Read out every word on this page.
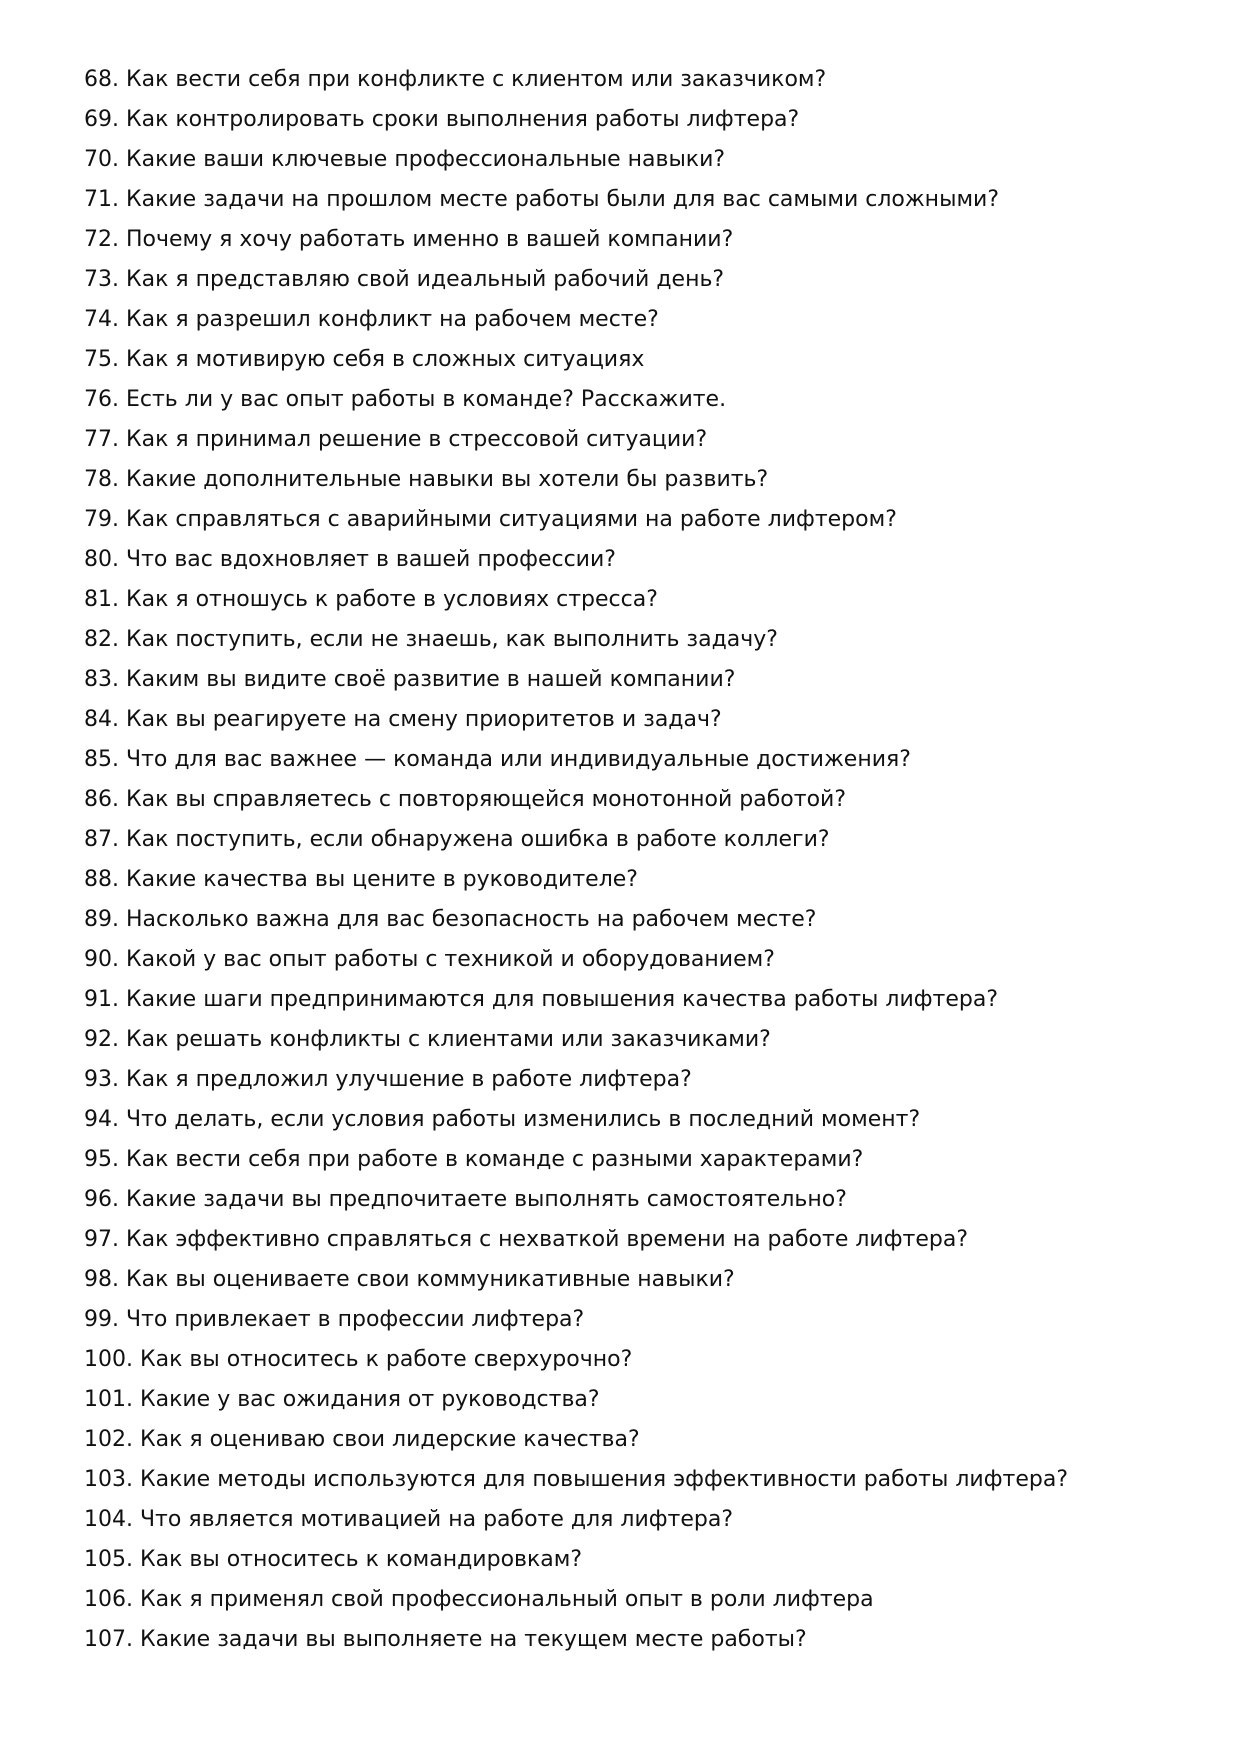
68. Как вести себя при конфликте с клиентом или заказчиком?
69. Как контролировать сроки выполнения работы лифтера?
70. Какие ваши ключевые профессиональные навыки?
71. Какие задачи на прошлом месте работы были для вас самыми сложными?
72. Почему я хочу работать именно в вашей компании?
73. Как я представляю свой идеальный рабочий день?
74. Как я разрешил конфликт на рабочем месте?
75. Как я мотивирую себя в сложных ситуациях
76. Есть ли у вас опыт работы в команде? Расскажите.
77. Как я принимал решение в стрессовой ситуации?
78. Какие дополнительные навыки вы хотели бы развить?
79. Как справляться с аварийными ситуациями на работе лифтером?
80. Что вас вдохновляет в вашей профессии?
81. Как я отношусь к работе в условиях стресса?
82. Как поступить, если не знаешь, как выполнить задачу?
83. Каким вы видите своё развитие в нашей компании?
84. Как вы реагируете на смену приоритетов и задач?
85. Что для вас важнее — команда или индивидуальные достижения?
86. Как вы справляетесь с повторяющейся монотонной работой?
87. Как поступить, если обнаружена ошибка в работе коллеги?
88. Какие качества вы цените в руководителе?
89. Насколько важна для вас безопасность на рабочем месте?
90. Какой у вас опыт работы с техникой и оборудованием?
91. Какие шаги предпринимаются для повышения качества работы лифтера?
92. Как решать конфликты с клиентами или заказчиками?
93. Как я предложил улучшение в работе лифтера?
94. Что делать, если условия работы изменились в последний момент?
95. Как вести себя при работе в команде с разными характерами?
96. Какие задачи вы предпочитаете выполнять самостоятельно?
97. Как эффективно справляться с нехваткой времени на работе лифтера?
98. Как вы оцениваете свои коммуникативные навыки?
99. Что привлекает в профессии лифтера?
100. Как вы относитесь к работе сверхурочно?
101. Какие у вас ожидания от руководства?
102. Как я оцениваю свои лидерские качества?
103. Какие методы используются для повышения эффективности работы лифтера?
104. Что является мотивацией на работе для лифтера?
105. Как вы относитесь к командировкам?
106. Как я применял свой профессиональный опыт в роли лифтера
107. Какие задачи вы выполняете на текущем месте работы?
